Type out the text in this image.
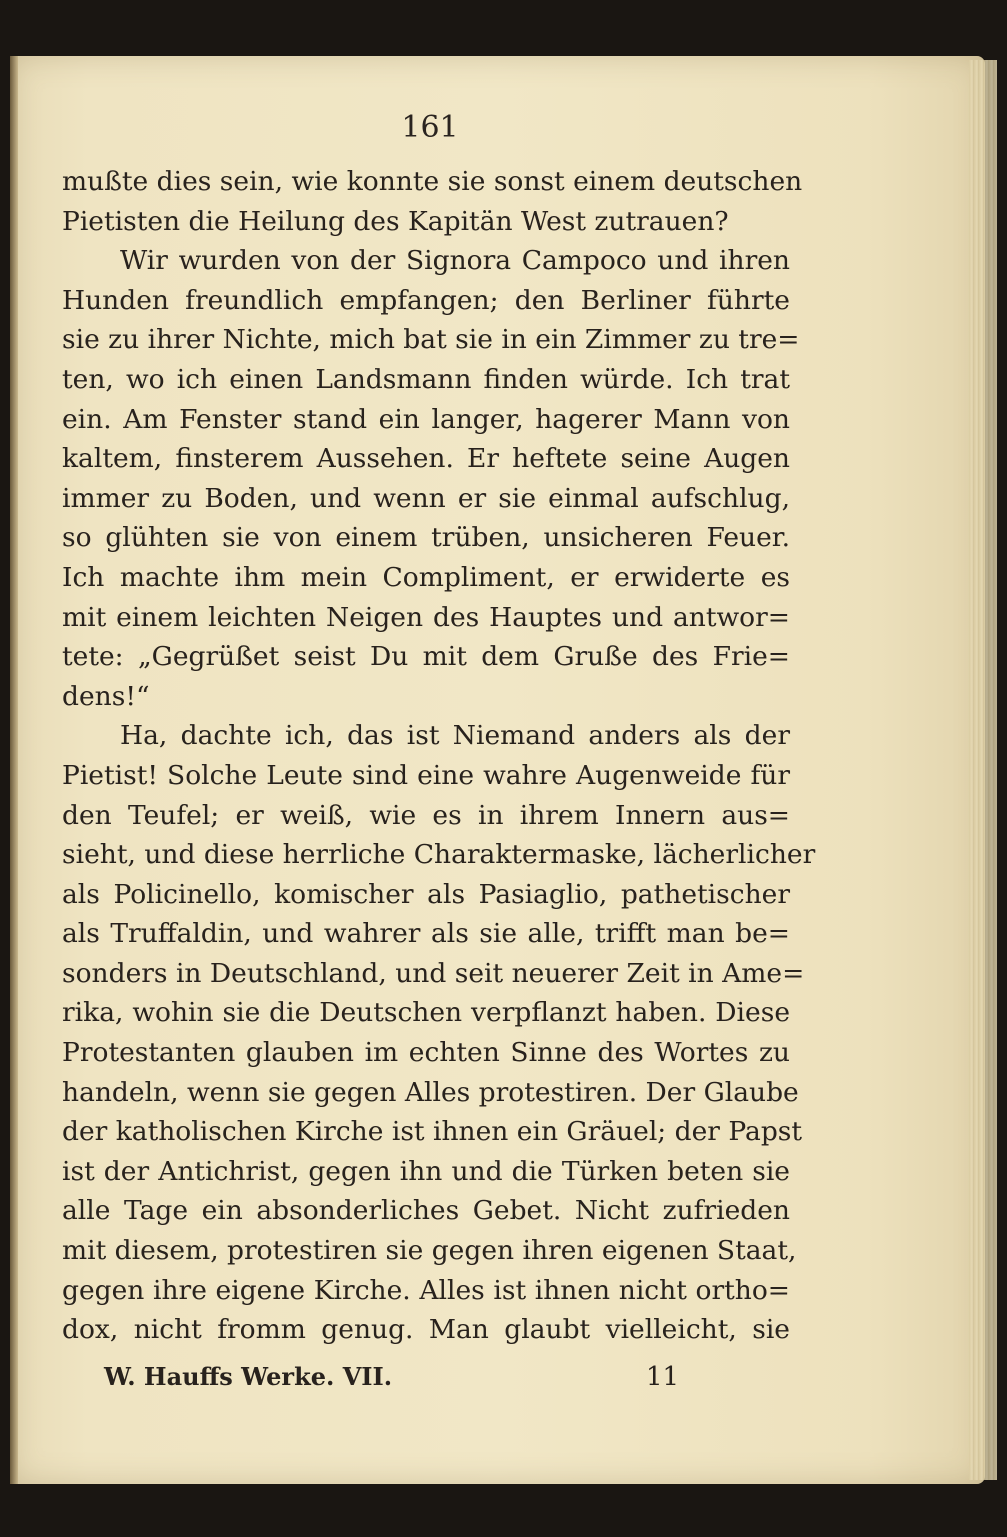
161
mußte dies sein, wie konnte sie sonst einem deutschen
Pietisten die Heilung des Kapitän West zutrauen?
Wir wurden von der Signora Campoco und ihren
Hunden freundlich empfangen; den Berliner führte
sie zu ihrer Nichte, mich bat sie in ein Zimmer zu tre=
ten, wo ich einen Landsmann finden würde. Ich trat
ein. Am Fenster stand ein langer, hagerer Mann von
kaltem, finsterem Aussehen. Er heftete seine Augen
immer zu Boden, und wenn er sie einmal aufschlug,
so glühten sie von einem trüben, unsicheren Feuer.
Ich machte ihm mein Compliment, er erwiderte es
mit einem leichten Neigen des Hauptes und antwor=
tete: „Gegrüßet seist Du mit dem Gruße des Frie=
dens!“
Ha, dachte ich, das ist Niemand anders als der
Pietist! Solche Leute sind eine wahre Augenweide für
den Teufel; er weiß, wie es in ihrem Innern aus=
sieht, und diese herrliche Charaktermaske, lächerlicher
als Policinello, komischer als Pasiaglio, pathetischer
als Truffaldin, und wahrer als sie alle, trifft man be=
sonders in Deutschland, und seit neuerer Zeit in Ame=
rika, wohin sie die Deutschen verpflanzt haben. Diese
Protestanten glauben im echten Sinne des Wortes zu
handeln, wenn sie gegen Alles protestiren. Der Glaube
der katholischen Kirche ist ihnen ein Gräuel; der Papst
ist der Antichrist, gegen ihn und die Türken beten sie
alle Tage ein absonderliches Gebet. Nicht zufrieden
mit diesem, protestiren sie gegen ihren eigenen Staat,
gegen ihre eigene Kirche. Alles ist ihnen nicht ortho=
dox, nicht fromm genug. Man glaubt vielleicht, sie
W. Hauffs Werke. VII.	11
